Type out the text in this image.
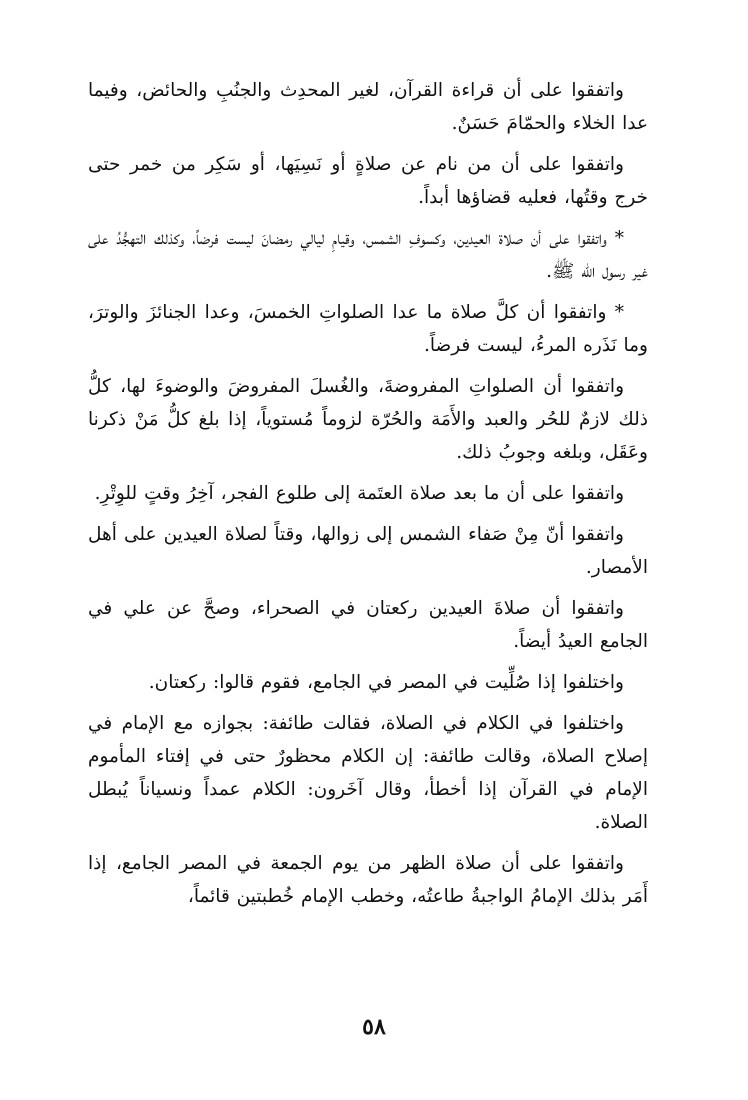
واتفقوا على أن قراءة القرآن، لغير المحدِث والجنُبِ والحائض، وفيما عدا الخلاء والحمّامَ حَسَنٌ.

واتفقوا على أن من نام عن صلاةٍ أو نَسِيَها، أو سَكِر من خمر حتى خرج وقتُها، فعليه قضاؤها أبداً.

* واتفقوا على أن صلاة العيدين، وكسوفِ الشمس، وقيامِ ليالي رمضانَ ليست فرضاً، وكذلك التهجُّدُ على غير رسول الله ﷺ.

* واتفقوا أن كلَّ صلاة ما عدا الصلواتِ الخمسَ، وعدا الجنائزَ والوترَ، وما نَذَره المرءُ، ليست فرضاً.

واتفقوا أن الصلواتِ المفروضةَ، والغُسلَ المفروضَ والوضوءَ لها، كلُّ ذلك لازمٌ للحُر والعبد والأَمَة والحُرّة لزوماً مُستوياً، إذا بلغ كلُّ مَنْ ذكرنا وعَقَل، وبلغه وجوبُ ذلك.

واتفقوا على أن ما بعد صلاة العتَمة إلى طلوع الفجر، آخِرُ وقتٍ للوِتْرِ.

واتفقوا أنّ مِنْ صَفاء الشمس إلى زوالها، وقتاً لصلاة العيدين على أهل الأمصار.

واتفقوا أن صلاةَ العيدين ركعتان في الصحراء، وصحَّ عن علي في الجامع العيدُ أيضاً.

واختلفوا إذا صُلِّيت في المصر في الجامع، فقوم قالوا: ركعتان.

واختلفوا في الكلام في الصلاة، فقالت طائفة: بجوازه مع الإمام في إصلاح الصلاة، وقالت طائفة: إن الكلام محظورٌ حتى في إفتاء المأموم الإمام في القرآن إذا أخطأ، وقال آخَرون: الكلام عمداً ونسياناً يُبطل الصلاة.

واتفقوا على أن صلاة الظهر من يوم الجمعة في المصر الجامع، إذا أَمَر بذلك الإمامُ الواجبةُ طاعتُه، وخطب الإمام خُطبتين قائماً،

٥٨
